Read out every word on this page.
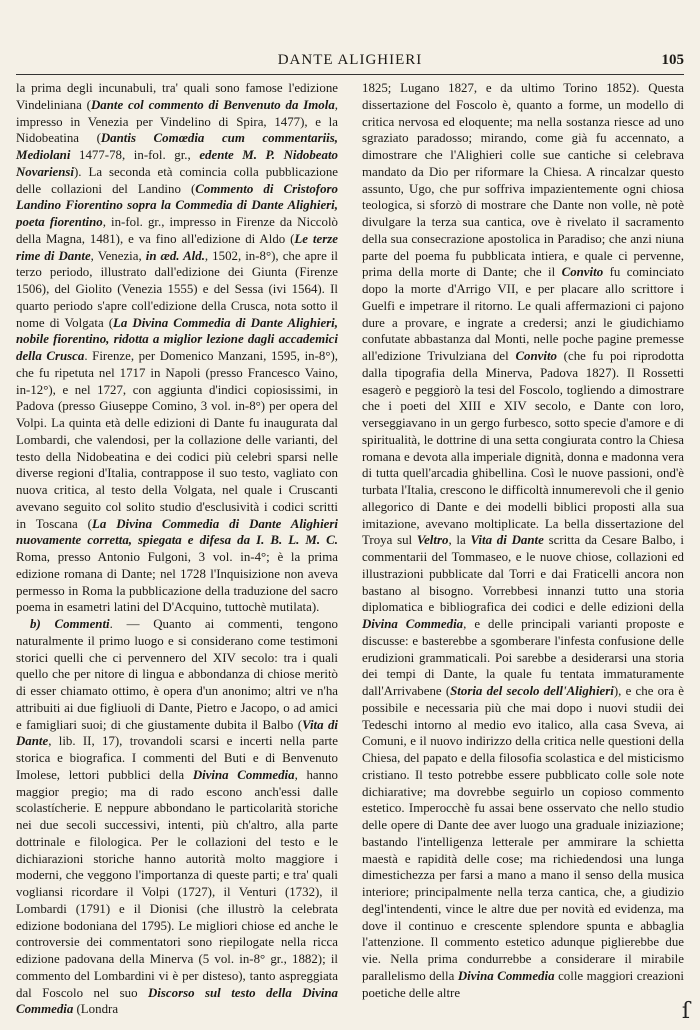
DANTE ALIGHIERI	105

la prima degli incunabuli, tra' quali sono famose l'edizione Vindeliniana (Dante col commento di Benvenuto da Imola, impresso in Venezia per Vindelino di Spira, 1477), e la Nidobeatina (Dantis Comœdia cum commentariis, Mediolani 1477-78, in-fol. gr., edente M. P. Nidobeato Novariensi). La seconda età comincia colla pubblicazione delle collazioni del Landino (Commento di Cristoforo Landino Fiorentino sopra la Commedia di Dante Alighieri, poeta fiorentino, in-fol. gr., impresso in Firenze da Niccolò della Magna, 1481), e va fino all'edizione di Aldo (Le terze rime di Dante, Venezia, in æd. Ald., 1502, in-8°), che apre il terzo periodo, illustrato dall'edizione dei Giunta (Firenze 1506), del Giolito (Venezia 1555) e del Sessa (ivi 1564). Il quarto periodo s'apre coll'edizione della Crusca, nota sotto il nome di Volgata (La Divina Commedia di Dante Alighieri, nobile fiorentino, ridotta a miglior lezione dagli accademici della Crusca. Firenze, per Domenico Manzani, 1595, in-8°), che fu ripetuta nel 1717 in Napoli (presso Francesco Vaino, in-12°), e nel 1727, con aggiunta d'indici copiosissimi, in Padova (presso Giuseppe Comino, 3 vol. in-8°) per opera del Volpi. La quinta età delle edizioni di Dante fu inaugurata dal Lombardi, che valendosi, per la collazione delle varianti, del testo della Nidobeatina e dei codici più celebri sparsi nelle diverse regioni d'Italia, contrappose il suo testo, vagliato con nuova critica, al testo della Volgata, nel quale i Cruscanti avevano seguito col solito studio d'esclusività i codici scritti in Toscana (La Divina Commedia di Dante Alighieri nuovamente corretta, spiegata e difesa da I. B. L. M. C. Roma, presso Antonio Fulgoni, 3 vol. in-4°; è la prima edizione romana di Dante; nel 1728 l'Inquisizione non aveva permesso in Roma la pubblicazione della traduzione del sacro poema in esametri latini del D'Acquino, tuttochè mutilata).

b) Commenti. — Quanto ai commenti, tengono naturalmente il primo luogo e si considerano come testimoni storici quelli che ci pervennero del XIV secolo: tra i quali quello che per nitore di lingua e abbondanza di chiose meritò di esser chiamato ottimo, è opera d'un anonimo; altri ve n'ha attribuiti ai due figliuoli di Dante, Pietro e Jacopo, o ad amici e famigliari suoi; di che giustamente dubita il Balbo (Vita di Dante, lib. II, 17), trovandoli scarsi e incerti nella parte storica e biografica. I commenti del Buti e di Benvenuto Imolese, lettori pubblici della Divina Commedia, hanno maggior pregio; ma di rado escono anch'essi dalle scolastícherie. E neppure abbondano le particolarità storiche nei due secoli successivi, intenti, più ch'altro, alla parte dottrinale e filologica. Per le collazioni del testo e le dichiarazioni storiche hanno autorità molto maggiore i moderni, che veggono l'importanza di queste parti; e tra' quali vogliansi ricordare il Volpi (1727), il Venturi (1732), il Lombardi (1791) e il Dionisi (che illustrò la celebrata edizione bodoniana del 1795). Le migliori chiose ed anche le controversie dei commentatori sono riepilogate nella ricca edizione padovana della Minerva (5 vol. in-8° gr., 1882); il commento del Lombardini vi è per disteso), tanto aspreggiata dal Foscolo nel suo Discorso sul testo della Divina Commedia (Londra

1825; Lugano 1827, e da ultimo Torino 1852). Questa dissertazione del Foscolo è, quanto a forme, un modello di critica nervosa ed eloquente; ma nella sostanza riesce ad uno sgraziato paradosso; mirando, come già fu accennato, a dimostrare che l'Alighieri colle sue cantiche si celebrava mandato da Dio per riformare la Chiesa. A rincalzar questo assunto, Ugo, che pur soffriva impazientemente ogni chiosa teologica, si sforzò di mostrare che Dante non volle, nè potè divulgare la terza sua cantica, ove è rivelato il sacramento della sua consecrazione apostolica in Paradiso; che anzi niuna parte del poema fu pubblicata intiera, e quale ci pervenne, prima della morte di Dante; che il Convito fu cominciato dopo la morte d'Arrigo VII, e per placare allo scrittore i Guelfi e impetrare il ritorno. Le quali affermazioni ci pajono dure a provare, e ingrate a credersi; anzi le giudichiamo confutate abbastanza dal Monti, nelle poche pagine premesse all'edizione Trivulziana del Convito (che fu poi riprodotta dalla tipografia della Minerva, Padova 1827). Il Rossetti esagerò e peggiorò la tesi del Foscolo, togliendo a dimostrare che i poeti del XIII e XIV secolo, e Dante con loro, verseggiavano in un gergo furbesco, sotto specie d'amore e di spiritualità, le dottrine di una setta congiurata contro la Chiesa romana e devota alla imperiale dignità, donna e madonna vera di tutta quell'arcadia ghibellina. Così le nuove passioni, ond'è turbata l'Italia, crescono le difficoltà innumerevoli che il genio allegorico di Dante e dei modelli biblici proposti alla sua imitazione, avevano moltiplicate. La bella dissertazione del Troya sul Veltro, la Vita di Dante scritta da Cesare Balbo, i commentarii del Tommaseo, e le nuove chiose, collazioni ed illustrazioni pubblicate dal Torri e dai Fraticelli ancora non bastano al bisogno. Vorrebbesi innanzi tutto una storia diplomatica e bibliografica dei codici e delle edizioni della Divina Commedia, e delle principali varianti proposte e discusse: e basterebbe a sgomberare l'infesta confusione delle erudizioni grammaticali. Poi sarebbe a desiderarsi una storia dei tempi di Dante, la quale fu tentata immaturamente dall'Arrivabene (Storia del secolo dell'Alighieri), e che ora è possibile e necessaria più che mai dopo i nuovi studii dei Tedeschi intorno al medio evo italico, alla casa Sveva, ai Comuni, e il nuovo indirizzo della critica nelle questioni della Chiesa, del papato e della filosofia scolastica e del misticismo cristiano. Il testo potrebbe essere pubblicato colle sole note dichiarative; ma dovrebbe seguirlo un copioso commento estetico. Imperocchè fu assai bene osservato che nello studio delle opere di Dante dee aver luogo una graduale iniziazione; bastando l'intelligenza letterale per ammirare la schietta maestà e rapidità delle cose; ma richiedendosi una lunga dimestichezza per farsi a mano a mano il senso della musica interiore; principalmente nella terza cantica, che, a giudizio degl'intendenti, vince le altre due per novità ed evidenza, ma dove il continuo e crescente splendore spunta e abbaglia l'attenzione. Il commento estetico adunque piglierebbe due vie. Nella prima condurrebbe a considerare il mirabile parallelismo della Divina Commedia colle maggiori creazioni poetiche delle altre

ſ
